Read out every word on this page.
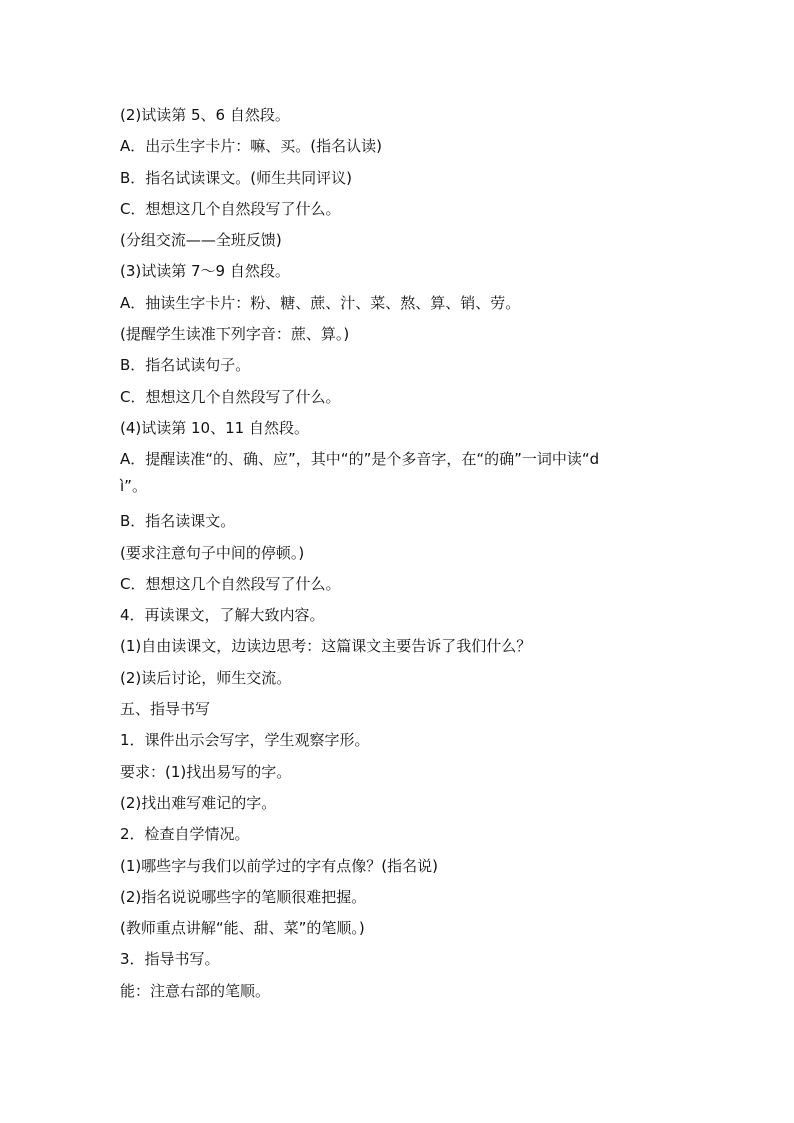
(2)试读第 5、6 自然段。
A．出示生字卡片：嘛、买。(指名认读)
B．指名试读课文。(师生共同评议)
C．想想这几个自然段写了什么。
(分组交流——全班反馈)
(3)试读第 7～9 自然段。
A．抽读生字卡片：粉、糖、蔗、汁、菜、熬、算、销、劳。
(提醒学生读准下列字音：蔗、算。)
B．指名试读句子。
C．想想这几个自然段写了什么。
(4)试读第 10、11 自然段。
A．提醒读准“的、确、应”，其中“的”是个多音字，在“的确”一词中读“d
ì”。
B．指名读课文。
(要求注意句子中间的停顿。)
C．想想这几个自然段写了什么。
4．再读课文，了解大致内容。
(1)自由读课文，边读边思考：这篇课文主要告诉了我们什么？
(2)读后讨论，师生交流。
五、指导书写
1．课件出示会写字，学生观察字形。
要求：(1)找出易写的字。
(2)找出难写难记的字。
2．检查自学情况。
(1)哪些字与我们以前学过的字有点像？(指名说)
(2)指名说说哪些字的笔顺很难把握。
(教师重点讲解“能、甜、菜”的笔顺。)
3．指导书写。
能：注意右部的笔顺。
